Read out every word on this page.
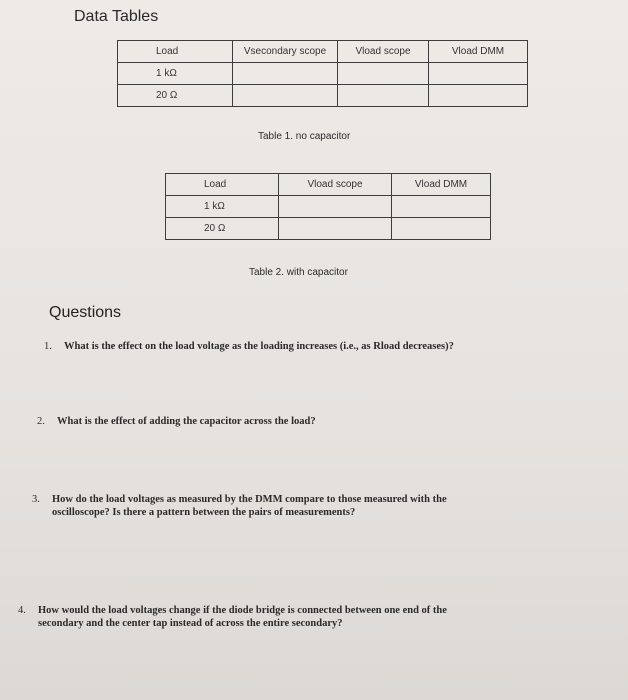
Data Tables
Load	Vsecondary scope	Vload scope	Vload DMM
1 kΩ			
20 Ω			
Table 1. no capacitor
Load	Vload scope	Vload DMM
1 kΩ		
20 Ω		
Table 2. with capacitor
Questions
1. What is the effect on the load voltage as the loading increases (i.e., as Rload decreases)?
2. What is the effect of adding the capacitor across the load?
3. How do the load voltages as measured by the DMM compare to those measured with the
oscilloscope? Is there a pattern between the pairs of measurements?
4. How would the load voltages change if the diode bridge is connected between one end of the
secondary and the center tap instead of across the entire secondary?
